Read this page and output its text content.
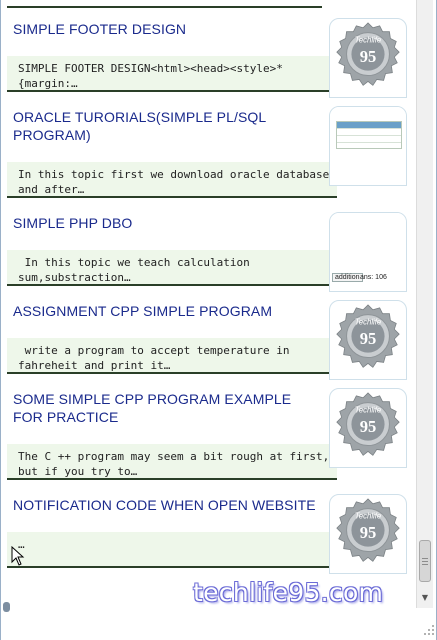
SIMPLE FOOTER DESIGN
SIMPLE FOOTER DESIGN<html><head><style>*{margin:…
Techlife
95
ORACLE TURORIALS(SIMPLE PL/SQL PROGRAM)
In this topic first we download oracle database and after…
SIMPLE PHP DBO
In this topic we teach calculation sum,substraction…	addition ans: 106
ASSIGNMENT CPP SIMPLE PROGRAM
write a program to accept temperature in fahreheit and print it…
Techlife
95
SOME SIMPLE CPP PROGRAM EXAMPLE FOR PRACTICE
The C ++ program may seem a bit rough at first, but if you try to…
Techlife
95
NOTIFICATION CODE WHEN OPEN WEBSITE
…
Techlife
95
▼
techlife95.com
